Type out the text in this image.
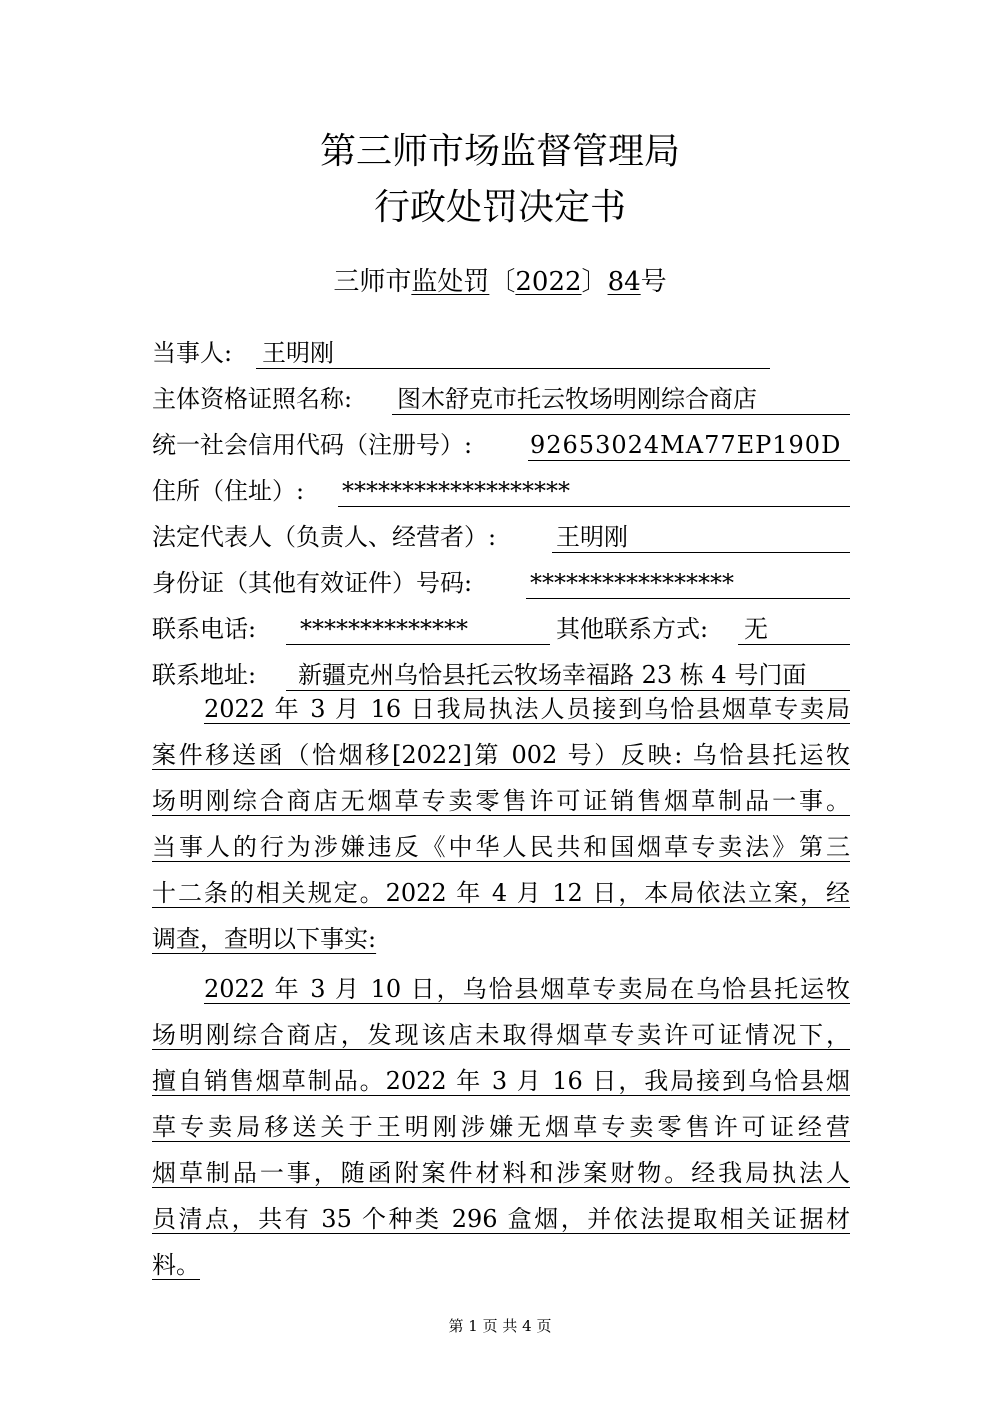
第三师市场监督管理局
行政处罚决定书
三师市监处罚〔2022〕84号
当事人: 王明刚
主体资格证照名称: 图木舒克市托云牧场明刚综合商店
统一社会信用代码（注册号）: 92653024MA77EP190D
住所（住址）: *******************
法定代表人（负责人、经营者）: 王明刚
身份证（其他有效证件）号码: *****************
联系电话: **************	其他联系方式: 无
联系地址: 新疆克州乌恰县托云牧场幸福路 23 栋 4 号门面
2022 年 3 月 16 日我局执法人员接到乌恰县烟草专卖局
案件移送函（恰烟移[2022]第 002 号）反映: 乌恰县托运牧
场明刚综合商店无烟草专卖零售许可证销售烟草制品一事。
当事人的行为涉嫌违反《中华人民共和国烟草专卖法》第三
十二条的相关规定。2022 年 4 月 12 日，本局依法立案，经
调查，查明以下事实:
2022 年 3 月 10 日，乌恰县烟草专卖局在乌恰县托运牧
场明刚综合商店，发现该店未取得烟草专卖许可证情况下，
擅自销售烟草制品。2022 年 3 月 16 日，我局接到乌恰县烟
草专卖局移送关于王明刚涉嫌无烟草专卖零售许可证经营
烟草制品一事，随函附案件材料和涉案财物。经我局执法人
员清点，共有 35 个种类 296 盒烟，并依法提取相关证据材
料。
第 1 页 共 4 页
